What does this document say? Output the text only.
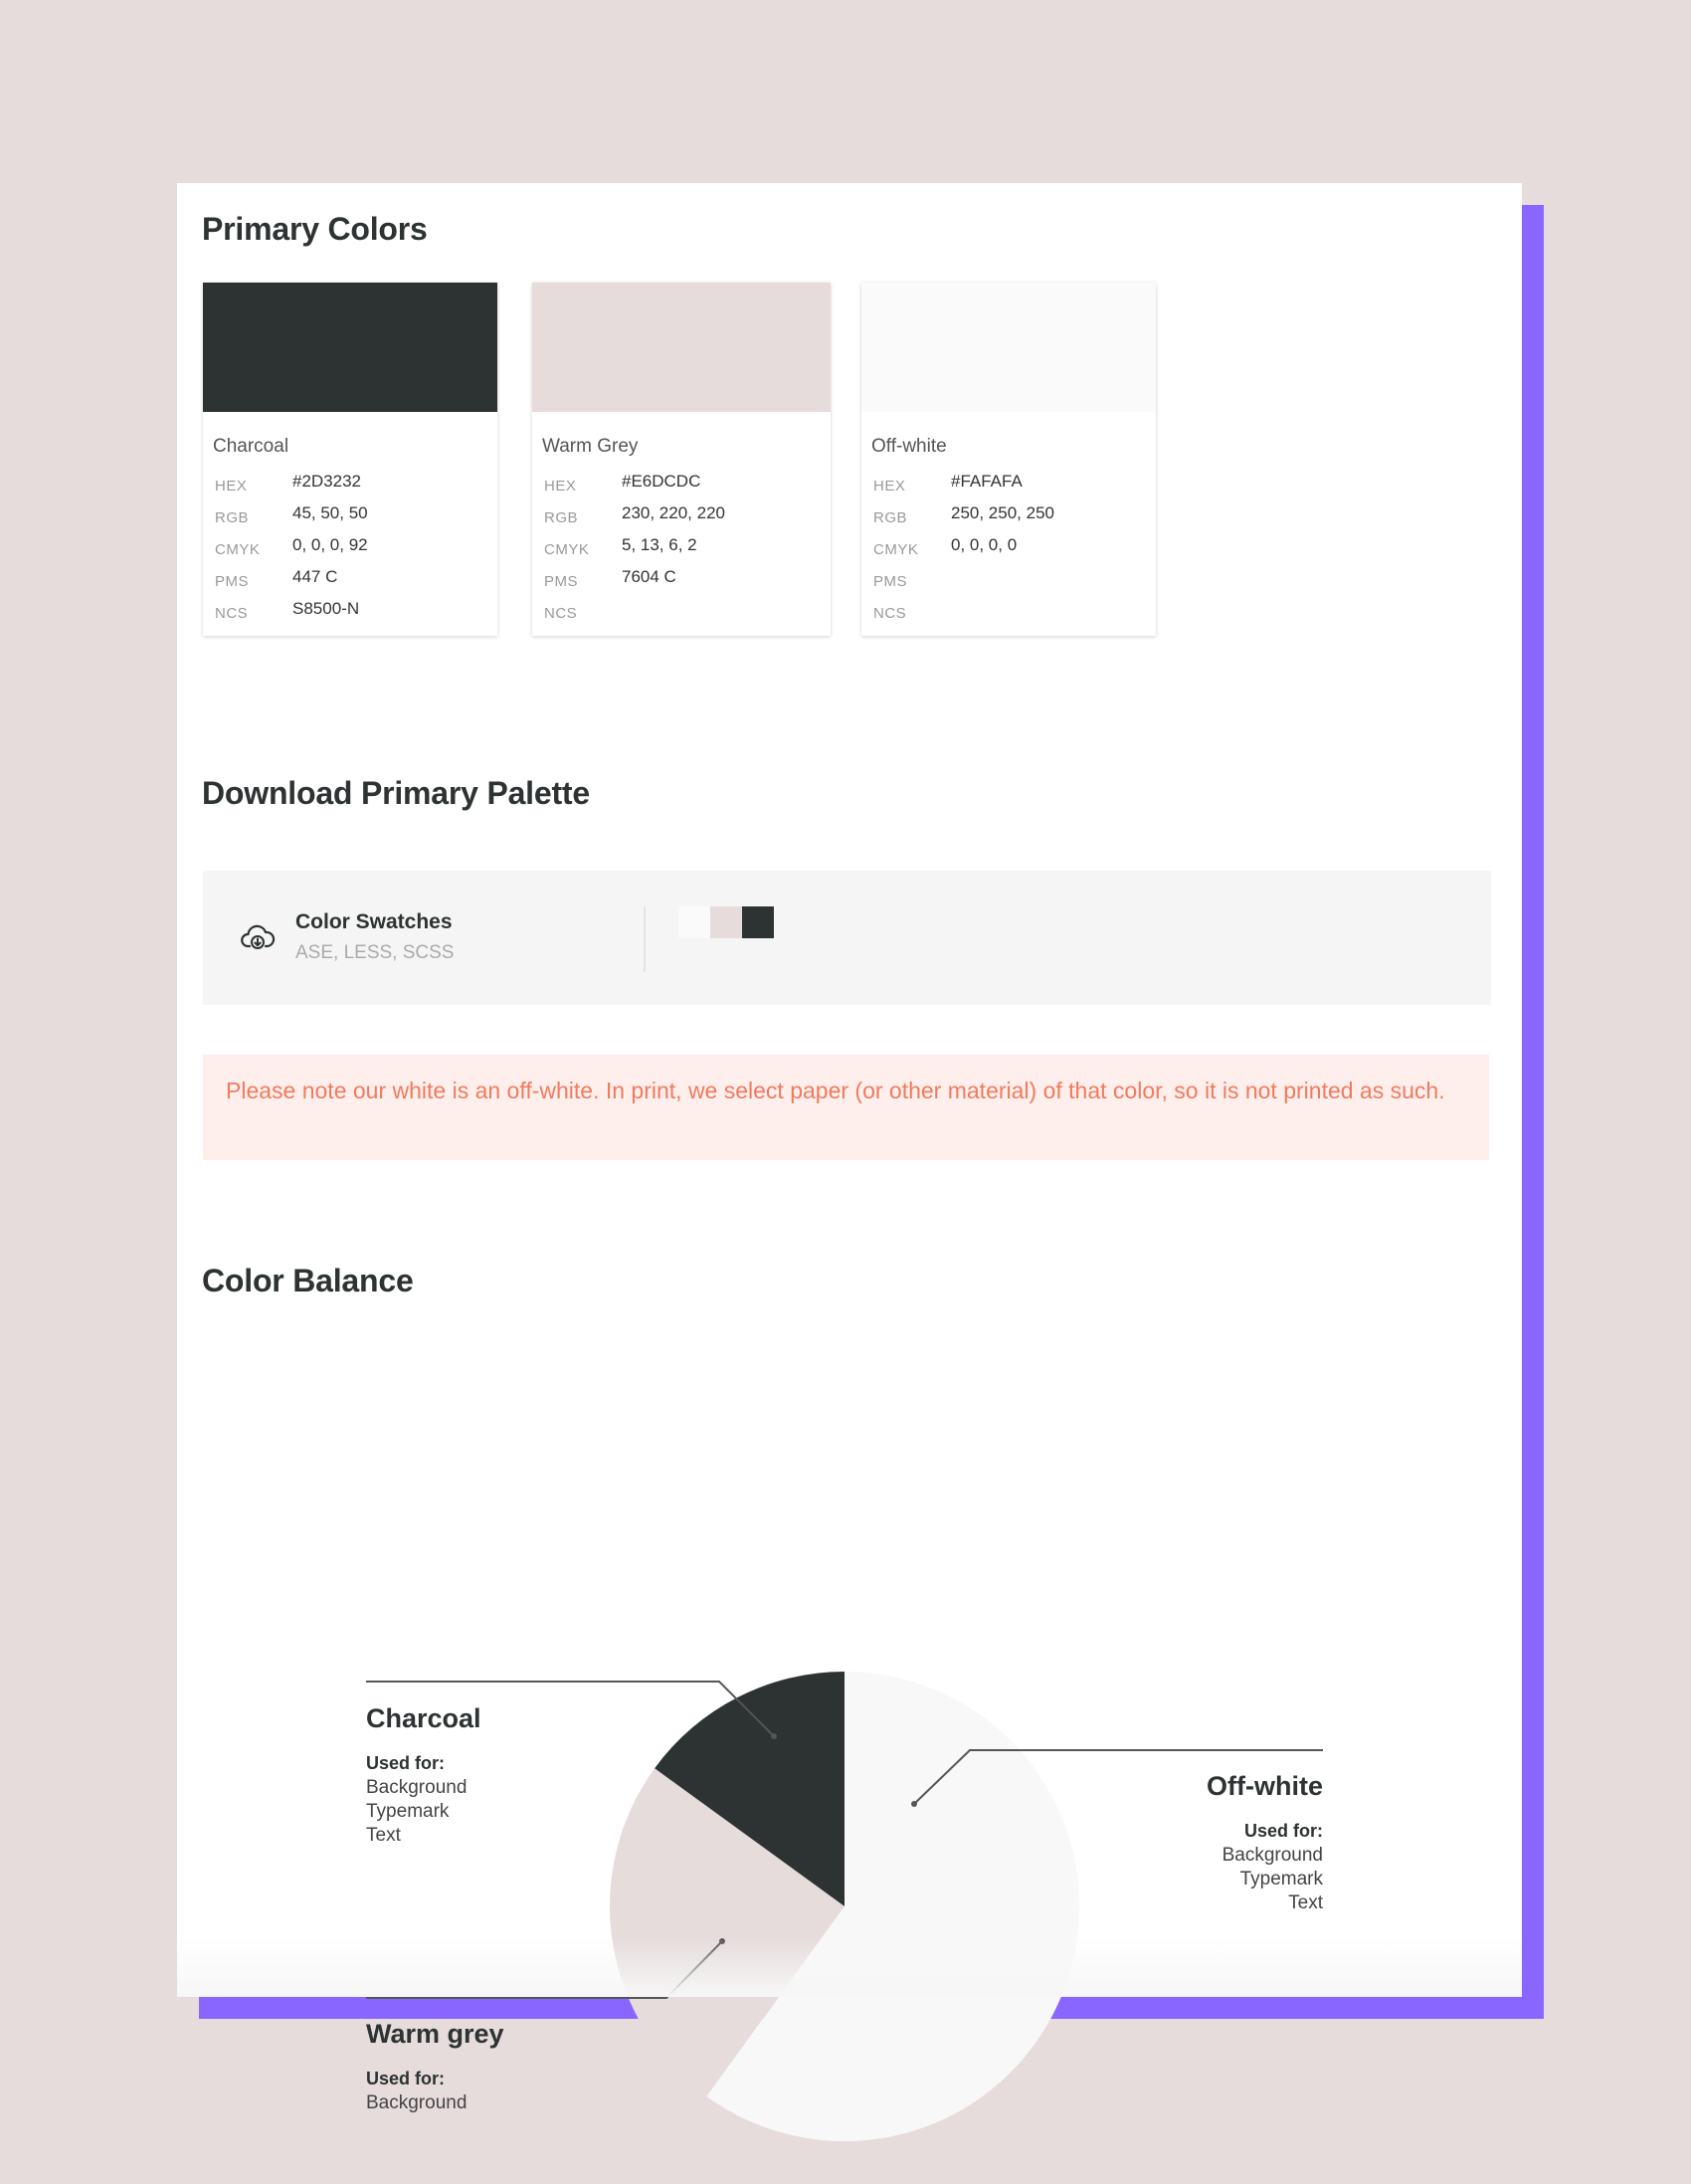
Primary Colors
Charcoal
HEX	#2D3232
RGB	45, 50, 50
CMYK 0, 0, 0, 92
PMS	447 C
NCS	S8500-N
Warm Grey
HEX	#E6DCDC
RGB	230, 220, 220
CMYK 5, 13, 6, 2
PMS	7604 C
NCS
Off-white
HEX	#FAFAFA
RGB	250, 250, 250
CMYK 0, 0, 0, 0
PMS
NCS
Download Primary Palette
Color Swatches
ASE, LESS, SCSS

Please note our white is an off-white. In print, we select paper (or other material) of that color, so it is not printed as such.

Color Balance
Charcoal
Used for:
Background
Typemark
Text
Warm grey
Used for:
Background
Off-white
Used for:
Background
Typemark
Text
